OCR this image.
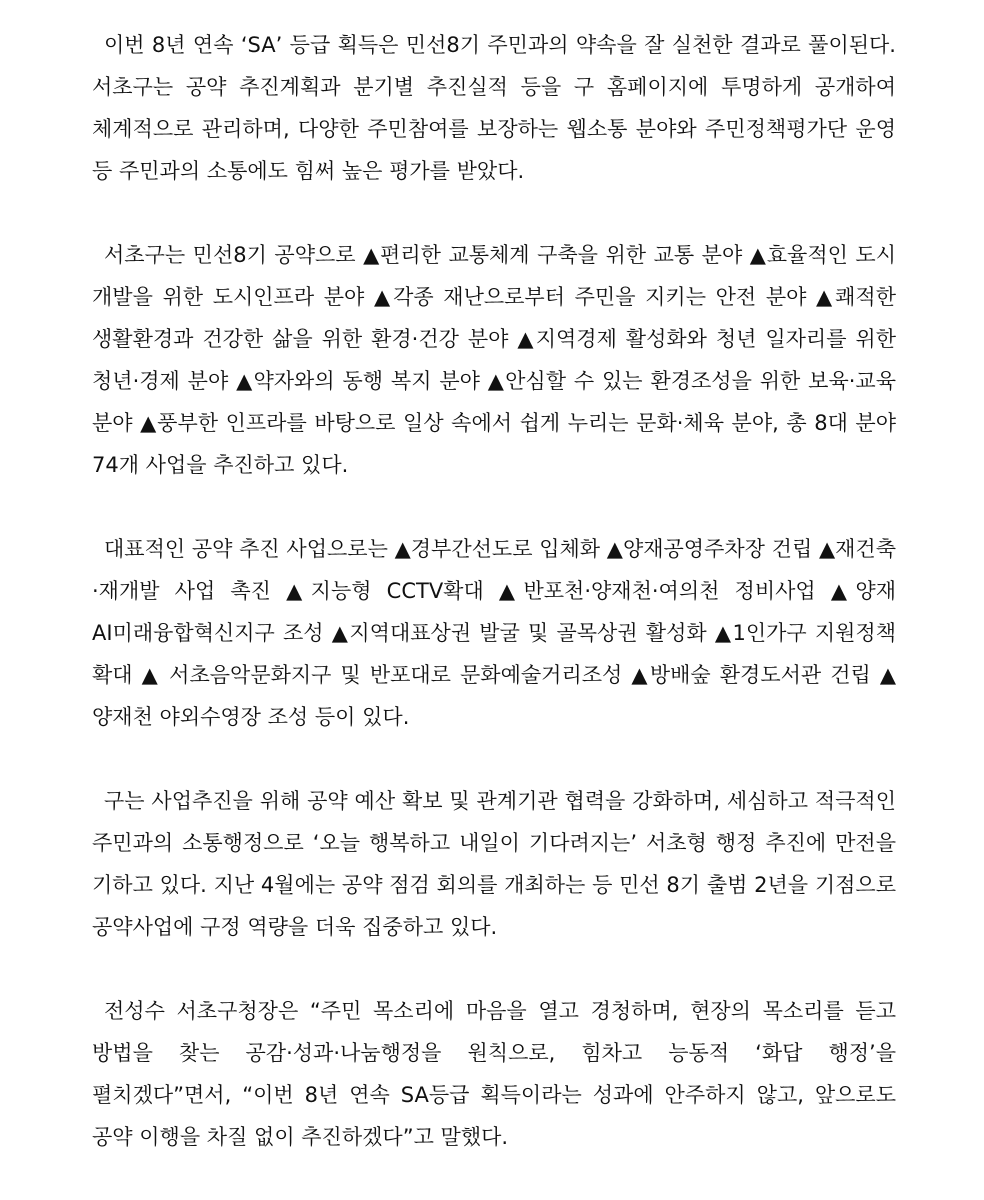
이번 8년 연속 ‘SA’ 등급 획득은 민선8기 주민과의 약속을 잘 실천한 결과로 풀이된다. 서초구는 공약 추진계획과 분기별 추진실적 등을 구 홈페이지에 투명하게 공개하여 체계적으로 관리하며, 다양한 주민참여를 보장하는 웹소통 분야와 주민정책평가단 운영 등 주민과의 소통에도 힘써 높은 평가를 받았다.

서초구는 민선8기 공약으로 ▲편리한 교통체계 구축을 위한 교통 분야 ▲효율적인 도시 개발을 위한 도시인프라 분야 ▲각종 재난으로부터 주민을 지키는 안전 분야 ▲쾌적한 생활환경과 건강한 삶을 위한 환경·건강 분야 ▲지역경제 활성화와 청년 일자리를 위한 청년·경제 분야 ▲약자와의 동행 복지 분야 ▲안심할 수 있는 환경조성을 위한 보육·교육 분야 ▲풍부한 인프라를 바탕으로 일상 속에서 쉽게 누리는 문화·체육 분야, 총 8대 분야 74개 사업을 추진하고 있다.

대표적인 공약 추진 사업으로는 ▲경부간선도로 입체화 ▲양재공영주차장 건립 ▲재건축·재개발 사업 촉진 ▲지능형 CCTV확대 ▲반포천·양재천·여의천 정비사업 ▲양재 AI미래융합혁신지구 조성 ▲지역대표상권 발굴 및 골목상권 활성화 ▲1인가구 지원정책 확대 ▲ 서초음악문화지구 및 반포대로 문화예술거리조성 ▲방배숲 환경도서관 건립 ▲양재천 야외수영장 조성 등이 있다.

구는 사업추진을 위해 공약 예산 확보 및 관계기관 협력을 강화하며, 세심하고 적극적인 주민과의 소통행정으로 ‘오늘 행복하고 내일이 기다려지는’ 서초형 행정 추진에 만전을 기하고 있다. 지난 4월에는 공약 점검 회의를 개최하는 등 민선 8기 출범 2년을 기점으로 공약사업에 구정 역량을 더욱 집중하고 있다.

전성수 서초구청장은 “주민 목소리에 마음을 열고 경청하며, 현장의 목소리를 듣고 방법을 찾는 공감·성과·나눔행정을 원칙으로, 힘차고 능동적 ‘화답 행정’을 펼치겠다”면서, “이번 8년 연속 SA등급 획득이라는 성과에 안주하지 않고, 앞으로도 공약 이행을 차질 없이 추진하겠다”고 말했다.
